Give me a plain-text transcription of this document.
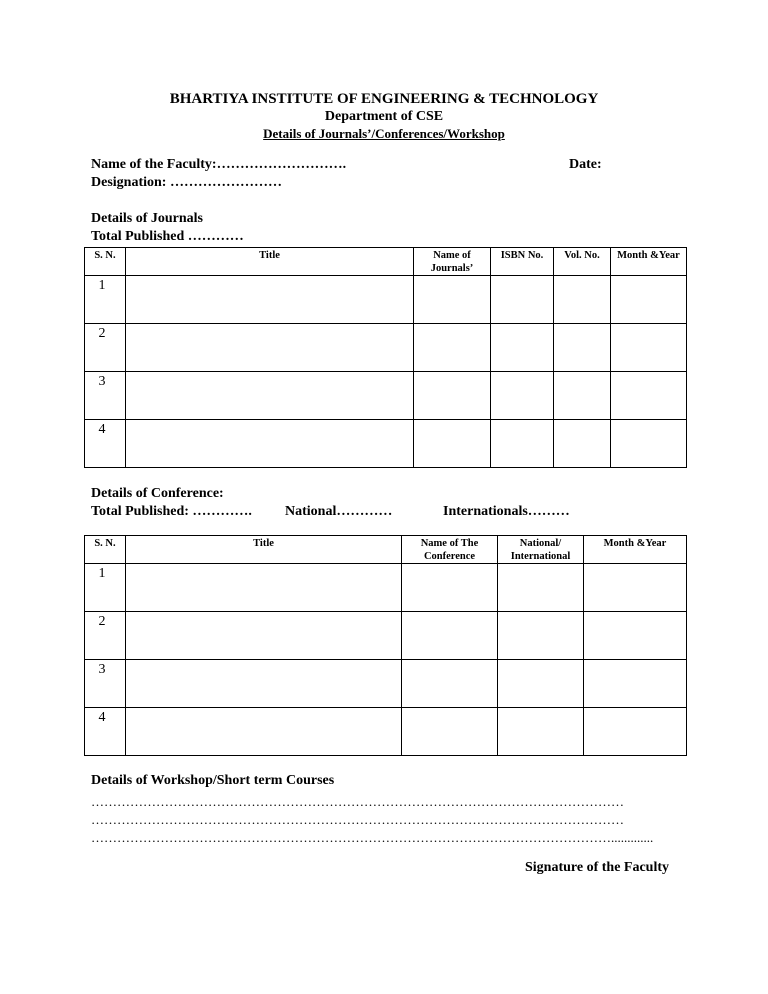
BHARTIYA INSTITUTE OF ENGINEERING & TECHNOLOGY
Department of CSE
Details of Journals’/Conferences/Workshop
Name of the Faculty:……………………….	Date:
Designation: ……………………
Details of Journals
Total Published …………
S. N.	Title	Name of Journals’	ISBN No.	Vol. No.	Month &Year
1					
2					
3					
4					
Details of Conference:
Total Published: …………. National…………	Internationals………
S. N.	Title	Name of The Conference	National/ International	Month &Year
1				
2				
3				
4				
Details of Workshop/Short term Courses
……………………………………………………………………………………………………………
……………………………………………………………………………………………………………
………………………………………………………………………………………………………….............
Signature of the Faculty
